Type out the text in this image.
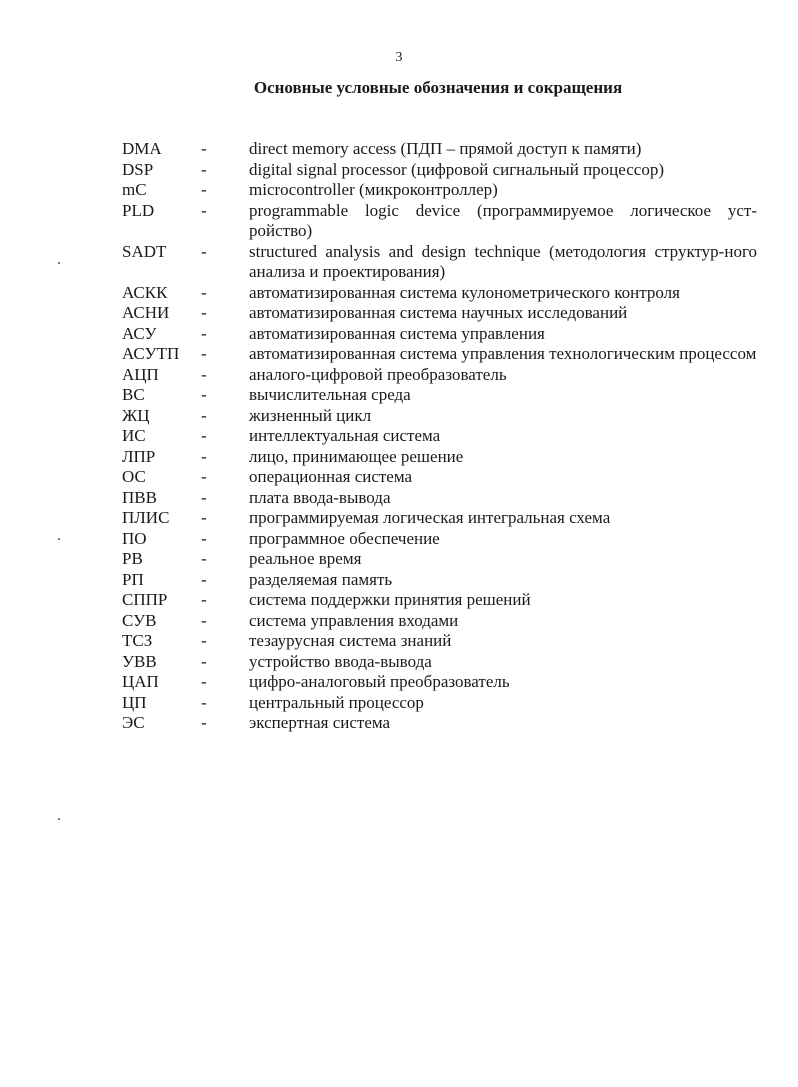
3
Основные условные обозначения и сокращения
DMA - direct memory access (ПДП – прямой доступ к памяти)
DSP	- digital signal processor (цифровой сигнальный процессор)
mC	- microcontroller (микроконтроллер)
PLD	- programmable logic device (программируемое логическое уст-ройство)
SADT - structured analysis and design technique (методология структур-ного анализа и проектирования)
АСКК - автоматизированная система кулонометрического контроля
АСНИ - автоматизированная система научных исследований
АСУ	- автоматизированная система управления
АСУТП - автоматизированная система управления технологическим процессом
АЦП - аналого-цифровой преобразователь
ВС	- вычислительная среда
ЖЦ	- жизненный цикл
ИС	- интеллектуальная система
ЛПР	- лицо, принимающее решение
ОС	- операционная система
ПВВ	- плата ввода-вывода
ПЛИС - программируемая логическая интегральная схема
ПО	- программное обеспечение
РВ	- реальное время
РП	- разделяемая память
СППР - система поддержки принятия решений
СУВ	- система управления входами
ТСЗ	- тезаурусная система знаний
УВВ	- устройство ввода-вывода
ЦАП - цифро-аналоговый преобразователь
ЦП	- центральный процессор
ЭС	- экспертная система
